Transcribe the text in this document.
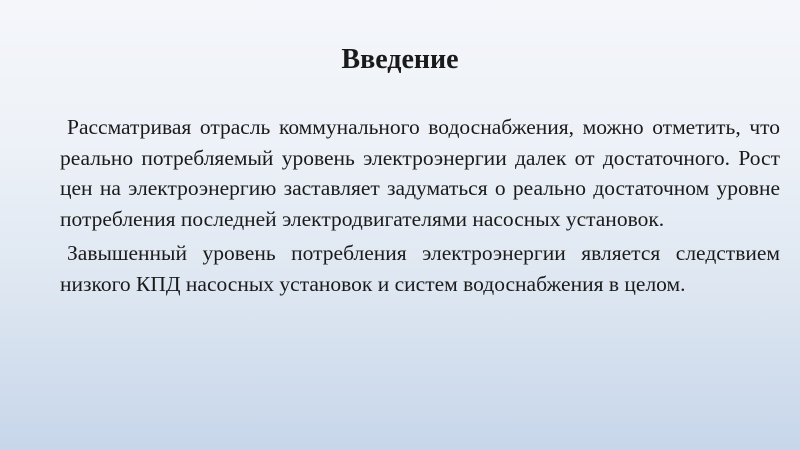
Введение

Рассматривая отрасль коммунального водоснабжения, можно отметить, что реально потребляемый уровень электроэнергии далек от достаточного. Рост цен на электроэнергию заставляет задуматься о реально достаточном уровне потребления последней электродвигателями насосных установок.

Завышенный уровень потребления электроэнергии является следствием низкого КПД насосных установок и систем водоснабжения в целом.
